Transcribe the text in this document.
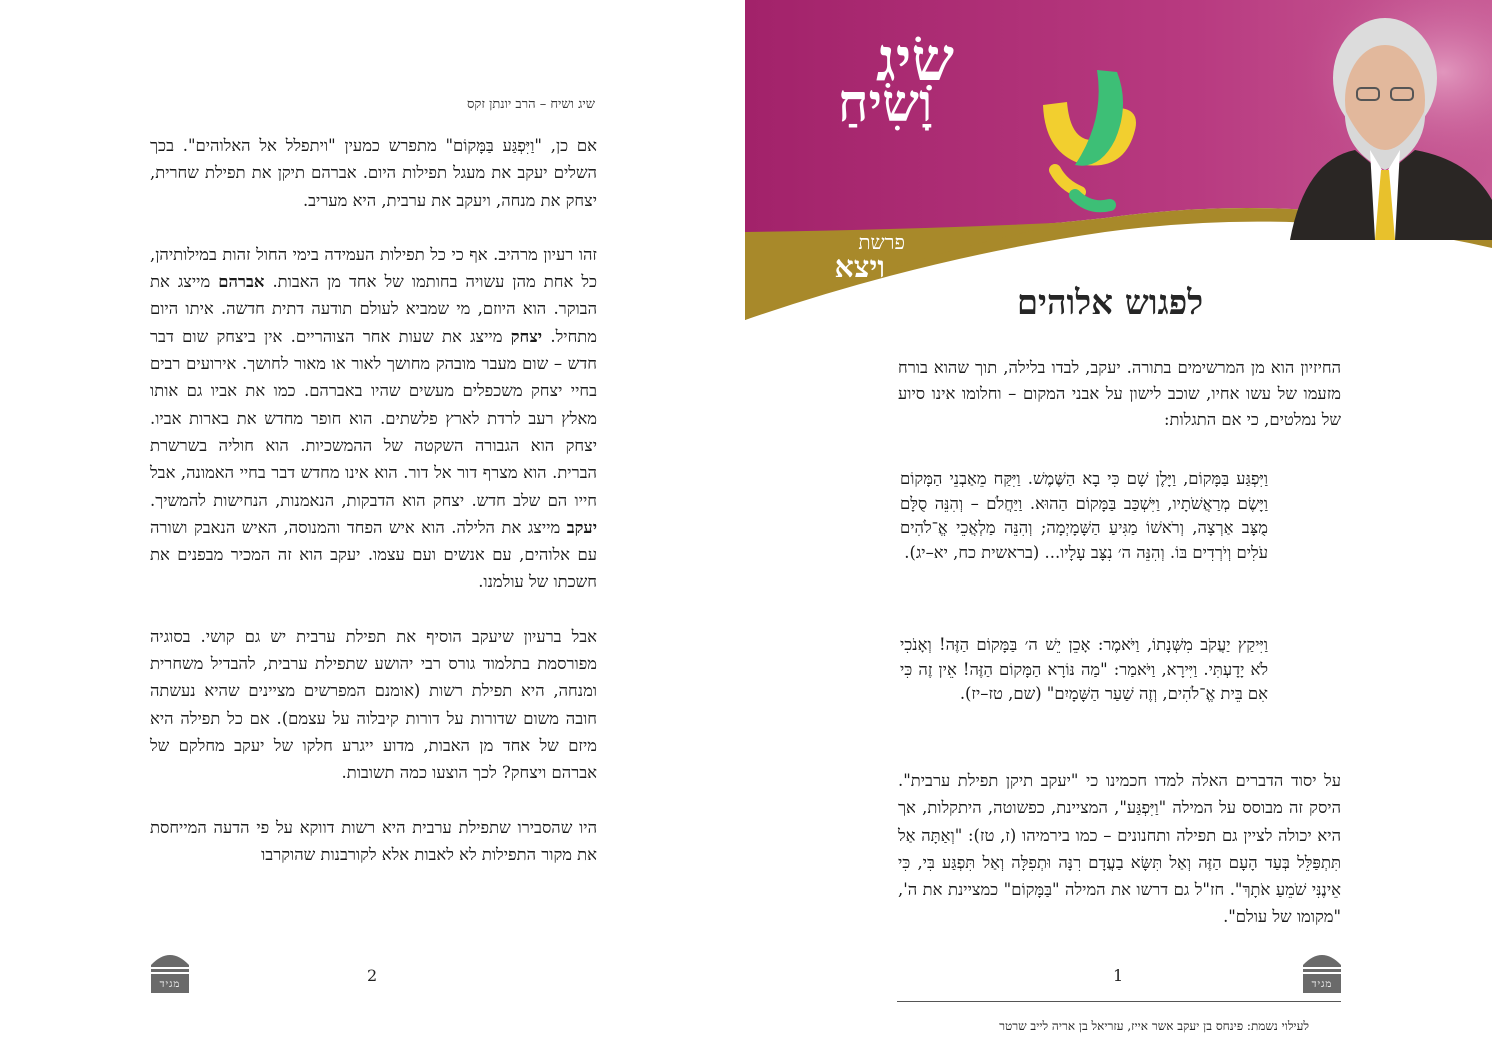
שיג ושיח – הרב יונתן זקס

אם כן, "וַיִּפְגַּע בַּמָּקוֹם" מתפרש כמעין "ויתפלל אל האלוהים". בכך השלים יעקב את מעגל תפילות היום. אברהם תיקן את תפילת שחרית, יצחק את מנחה, ויעקב את ערבית, היא מעריב.

זהו רעיון מרהיב. אף כי כל תפילות העמידה בימי החול זהות במילותיהן, כל אחת מהן עשויה בחותמו של אחד מן האבות. אברהם מייצג את הבוקר. הוא היוזם, מי שמביא לעולם תודעה דתית חדשה. איתו היום מתחיל. יצחק מייצג את שעות אחר הצוהריים. אין ביצחק שום דבר חדש – שום מעבר מובהק מחושך לאור או מאור לחושך. אירועים רבים בחיי יצחק משכפלים מעשים שהיו באברהם. כמו את אביו גם אותו מאלץ רעב לרדת לארץ פלשתים. הוא חופר מחדש את בארות אביו. יצחק הוא הגבורה השקטה של ההמשכיות. הוא חוליה בשרשרת הברית. הוא מצרף דור אל דור. הוא אינו מחדש דבר בחיי האמונה, אבל חייו הם שלב חדש. יצחק הוא הדבקות, הנאמנות, הנחישות להמשיך. יעקב מייצג את הלילה. הוא איש הפחד והמנוסה, האיש הנאבק ושורה עם אלוהים, עם אנשים ועם עצמו. יעקב הוא זה המכיר מבפנים את חשכתו של עולמנו.

אבל ברעיון שיעקב הוסיף את תפילת ערבית יש גם קושי. בסוגיה מפורסמת בתלמוד גורס רבי יהושע שתפילת ערבית, להבדיל משחרית ומנחה, היא תפילת רשות (אומנם המפרשים מציינים שהיא נעשתה חובה משום שדורות על דורות קיבלוה על עצמם). אם כל תפילה היא מיזם של אחד מן האבות, מדוע ייגרע חלקו של יעקב מחלקם של אברהם ויצחק? לכך הוצעו כמה תשובות.

היו שהסבירו שתפילת ערבית היא רשות דווקא על פי הדעה המייחסת את מקור התפילות לא לאבות אלא לקורבנות שהוקרבו

2
מגיד
שִׂיג
וָשִׂיחַ
פרשת
ויצא
לפגוש אלוהים
החיזיון הוא מן המרשימים בתורה. יעקב, לבדו בלילה, תוך שהוא בורח מזעמו של עשו אחיו, שוכב לישון על אבני המקום – וחלומו אינו סיוע של נמלטים, כי אם התגלות:
וַיִּפְגַּע בַּמָּקוֹם, וַיָּלֶן שָׁם כִּי בָא הַשֶּׁמֶשׁ. וַיִּקַּח מֵאַבְנֵי הַמָּקוֹם וַיָּשֶׂם מְרַאֲשֹׁתָיו, וַיִּשְׁכַּב בַּמָּקוֹם הַהוּא. וַיַּחֲלֹם – וְהִנֵּה סֻלָּם מֻצָּב אַרְצָה, וְרֹאשׁוֹ מַגִּיעַ הַשָּׁמָיְמָה; וְהִנֵּה מַלְאֲכֵי אֱ־לֹהִים עֹלִים וְיֹרְדִים בּוֹ. וְהִנֵּה ה׳ נִצָּב עָלָיו... (בראשית כח, יא–יג).
וַיִּיקַץ יַעֲקֹב מִשְּׁנָתוֹ, וַיֹּאמֶר: אָכֵן יֵשׁ ה׳ בַּמָּקוֹם הַזֶּה! וְאָנֹכִי לֹא יָדָעְתִּי. וַיִּירָא, וַיֹּאמַר: "מַה נּוֹרָא הַמָּקוֹם הַזֶּה! אֵין זֶה כִּי אִם בֵּית אֱ־לֹהִים, וְזֶה שַׁעַר הַשָּׁמָיִם" (שם, טז–יז).
על יסוד הדברים האלה למדו חכמינו כי "יעקב תיקן תפילת ערבית". היסק זה מבוסס על המילה "וַיִּפְגַּע", המציינת, כפשוטה, היתקלות, אך היא יכולה לציין גם תפילה ותחנונים – כמו בירמיהו (ז, טז): "וְאַתָּה אַל תִּתְפַּלֵּל בְּעַד הָעָם הַזֶּה וְאַל תִּשָּׂא בַעֲדָם רִנָּה וּתְפִלָּה וְאַל תִּפְגַּע בִּי, כִּי אֵינֶנִּי שֹׁמֵעַ אֹתָךְ". חז"ל גם דרשו את המילה "בַּמָּקוֹם" כמציינת את ה', "מקומו של עולם".
1	מגיד
לעילוי נשמת: פינחס בן יעקב אשר אייז, עזריאל בן אריה לייב שרטר
